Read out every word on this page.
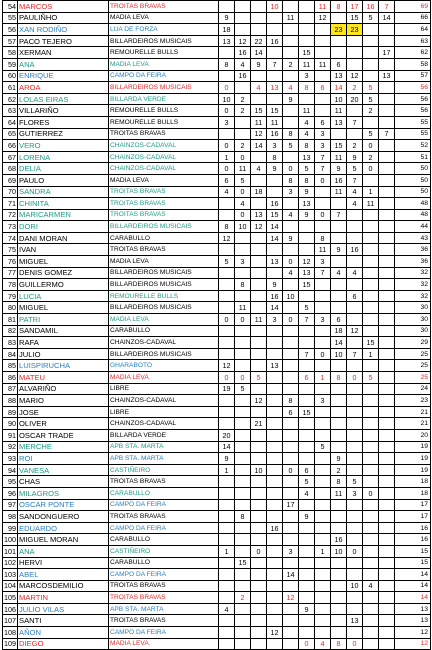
54	MARCOS	TROITAS BRAVAS				10			11	8	17	16	7	69
55	PAULIÑHO	MADIA LEVA	9				11		12		15	5	14	66
56	XAN RODIÑO	LUA DE FORZA	18							23	23			64
57	PACO TEJERO	BILLARDEIROS MUSICAIS	13	12	22	16								63
58	XERMAN	REMOURELLE BULLS		16	14			15					17	62
59	ANA	MADIA LEVA	8	4	9	7	2	11	11	6				58
60	ENRIQUE	CAMPO DA FEIRA		16				3		13	12		13	57
61	AROA	BILLARDEIROS MUSICAIS	0		4	13	4	8	6	14	2	5		56
62	LOLAS EIRAS	BILLARDA VERDE	10	2			9			10	20	5		56
63	VILLARIÑO	REMOURELLE BULLS	0	2	15	15		11		11		2		56
64	FLORES	REMOURELLE BULLS	3		11	11		4	6	13	7			55
65	GUTIERREZ	TROITAS BRAVAS			12	16	8	4	3			5	7	55
66	VERO	CHAINZOS-CADAVAL	0	2	14	3	5	8	3	15	2	0		52
67	LORENA	CHAINZOS-CADAVAL	1	0		8		13	7	11	9	2		51
68	DELIA	CHAINZOS-CADAVAL	0	11	4	9	0	5	7	9	5	0		50
69	PAULO	MADIA LEVA	6	5			8	8	0	16	7			50
70	SANDRA	TROITAS BRAVAS	4	0	18		3	9		11	4	1		50
71	CHINITA	TROITAS BRAVAS		4		16		13			4	11		48
72	MARICARMEN	TROITAS BRAVAS		0	13	15	4	9	0	7				48
73	DORI	BILLARDEIROS MUSICAIS	8	10	12	14								44
74	DANI MORAN	CARABULLO	12			14	9		8					43
75	IVAN	TROITAS BRAVAS							11	9	16			36
76	MIGUEL	MADIA LEVA	5	3		13	0	12	3					36
77	DENIS GOMEZ	BILLARDEIROS MUSICAIS					4	13	7	4	4			32
78	GUILLERMO	BILLARDEIROS MUSICAIS		8		9		15						32
79	LUCIA	REMOURELLE BULLS				16	10				6			32
80	MIGUEL	BILLARDEIROS MUSICAIS		11		14		5						30
81	PATRI	MADIA LEVA	0	0	11	3	0	7	3	6				30
82	SANDAMIL	CARABULLO								18	12			30
83	RAFA	CHAINZOS-CADAVAL								14		15		29
84	JULIO	BILLARDEIROS MUSICAIS						7	0	10	7	1		25
85	LUISPIRUCHA	GHARABOTO	12			13								25
86	MATEU	MADIA LEVA	0	0	5			6	1	8	0	5		25
87	ALVARIÑO	LIBRE	19	5										24
88	MARIO	CHAINZOS-CADAVAL			12		8		3					23
89	JOSE	LIBRE					6	15						21
90	OLIVER	CHAINZOS-CADAVAL			21									21
91	OSCAR TRADE	BILLARDA VERDE	20											20
92	MERCHE	APB STA. MARTA	14						5					19
93	ROI	APB STA. MARTA	9							9				19
94	VANESA	CASTIÑEIRO	1		10		0	6		2				19
95	CHAS	TROITAS BRAVAS						5		8	5			18
96	MILAGROS	CARABULLO						4		11	3	0		18
97	OSCAR PONTE	CAMPO DA FEIRA					17							17
98	SANDONGUERO	TROITAS BRAVAS		8				9						17
99	EDUARDO	CAMPO DA FEIRA				16								16
100	MIGUEL MORAN	CARABULLO								16				16
101	ANA	CASTIÑEIRO	1		0		3		1	10	0			15
102	HERVI	CARABULLO		15										15
103	ABEL	CAMPO DA FEIRA					14							14
104	MARCOSDEMILIO	TROITAS BRAVAS									10	4		14
105	MARTIN	TROITAS BRAVAS		2			12							14
106	JULIO VILAS	APB STA. MARTA	4					9						13
107	SANTI	TROITAS BRAVAS									13			13
108	AÑON	CAMPO DA FEIRA				12								12
109	DIEGO	MADIA LEVA						0	4	8	0			12
